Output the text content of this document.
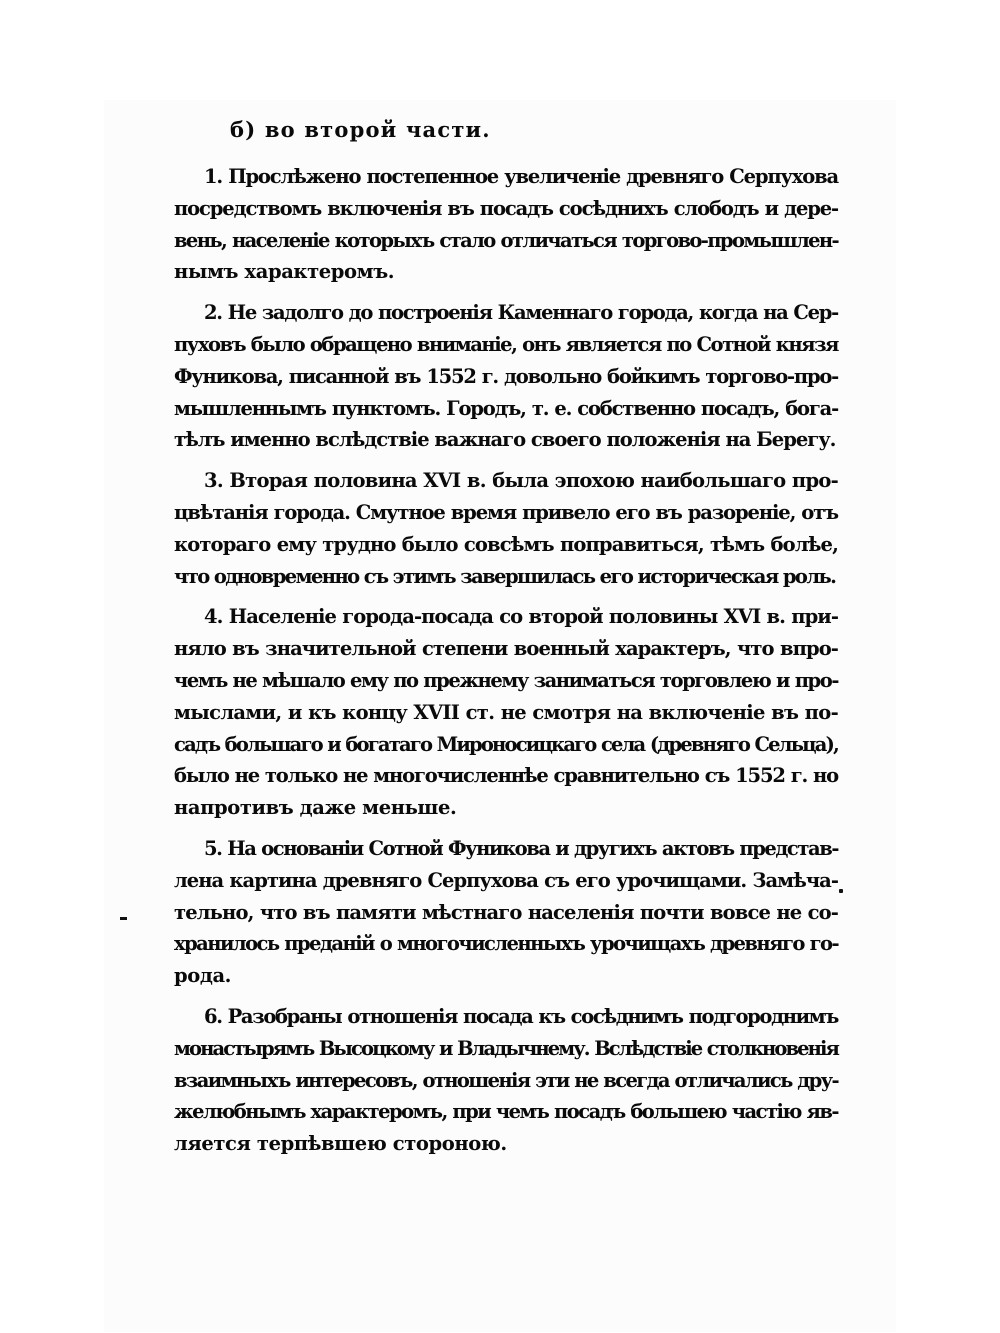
б) во второй части.
1. Прослѣжено постепенное увеличеніе древняго Серпухова
посредствомъ включенія въ посадъ сосѣднихъ слободъ и дере-
вень, населеніе которыхъ стало отличаться торгово-промышлен-
нымъ характеромъ.
2. Не задолго до построенія Каменнаго города, когда на Сер-
пуховъ было обращено вниманіе, онъ является по Сотной князя
Фуникова, писанной въ 1552 г. довольно бойкимъ торгово-про-
мышленнымъ пунктомъ. Городъ, т. е. собственно посадъ, бога-
тѣлъ именно вслѣдствіе важнаго своего положенія на Берегу.
3. Вторая половина XVI в. была эпохою наибольшаго про-
цвѣтанія города. Смутное время привело его въ разореніе, отъ
котораго ему трудно было совсѣмъ поправиться, тѣмъ болѣе,
что одновременно съ этимъ завершилась его историческая роль.
4. Населеніе города-посада со второй половины XVI в. при-
няло въ значительной степени военный характеръ, что впро-
чемъ не мѣшало ему по прежнему заниматься торговлею и про-
мыслами, и къ концу XVII ст. не смотря на включеніе въ по-
садъ большаго и богатаго Мироносицкаго села (древняго Сельца),
было не только не многочисленнѣе сравнительно съ 1552 г. но
напротивъ даже меньше.
5. На основаніи Сотной Фуникова и другихъ актовъ представ-
лена картина древняго Серпухова съ его урочищами. Замѣча-
тельно, что въ памяти мѣстнаго населенія почти вовсе не со-
хранилось преданій о многочисленныхъ урочищахъ древняго го-
рода.
6. Разобраны отношенія посада къ сосѣднимъ подгороднимъ
монастырямъ Высоцкому и Владычнему. Вслѣдствіе столкновенія
взаимныхъ интересовъ, отношенія эти не всегда отличались дру-
желюбнымъ характеромъ, при чемъ посадъ большею частію яв-
ляется терпѣвшею стороною.
